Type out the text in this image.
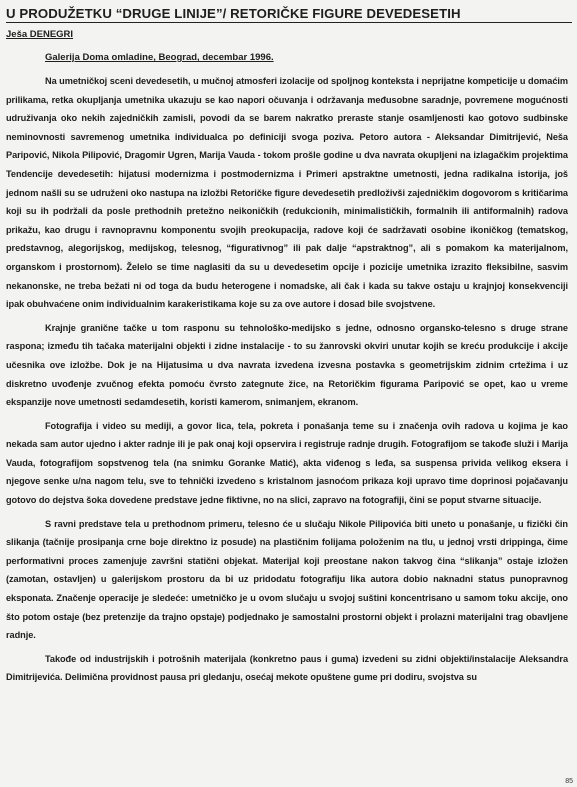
U PRODUŽETKU “DRUGE LINIJE”/ RETORIČKE FIGURE DEVEDESETIH
Ješa DENEGRI
Galerija Doma omladine, Beograd, decembar 1996.

Na umetničkoj sceni devedesetih, u mučnoj atmosferi izolacije od spoljnog konteksta i neprijatne kompeticije u domaćim prilikama, retka okupljanja umetnika ukazuju se kao napori očuvanja i održavanja međusobne saradnje, povremene mogućnosti udruživanja oko nekih zajedničkih zamisli, povodi da se barem nakratko preraste stanje osamljenosti kao gotovo sudbinske neminovnosti savremenog umetnika individualca po definiciji svoga poziva. Petoro autora - Aleksandar Dimitrijević, Neša Paripović, Nikola Pilipović, Dragomir Ugren, Marija Vauda - tokom prošle godine u dva navrata okupljeni na izlagačkim projektima Tendencije devedesetih: hijatusi modernizma i postmodernizma i Primeri apstraktne umetnosti, jedna radikalna istorija, još jednom našli su se udruženi oko nastupa na izložbi Retoričke figure devedesetih predloživši zajedničkim dogovorom s kritičarima koji su ih podržali da posle prethodnih pretežno neikoničkih (redukcionih, minimalističkih, formalnih ili antiformalnih) radova prikažu, kao drugu i ravnopravnu komponentu svojih preokupacija, radove koji će sadržavati osobine ikoničkog (tematskog, predstavnog, alegorijskog, medijskog, telesnog, “figurativnog” ili pak dalje “apstraktnog”, ali s pomakom ka materijalnom, organskom i prostornom). Želelo se time naglasiti da su u devedesetim opcije i pozicije umetnika izrazito fleksibilne, sasvim nekanonske, ne treba bežati ni od toga da budu heterogene i nomadske, ali čak i kada su takve ostaju u krajnjoj konsekvenciji ipak obuhvaćene onim individualnim karakeristikama koje su za ove autore i dosad bile svojstvene.

Krajnje granične tačke u tom rasponu su tehnološko-medijsko s jedne, odnosno organsko-telesno s druge strane raspona; između tih tačaka materijalni objekti i zidne instalacije - to su žanrovski okviri unutar kojih se kreću produkcije i akcije učesnika ove izložbe. Dok je na Hijatusima u dva navrata izvedena izvesna postavka s geometrijskim zidnim crtežima i uz diskretno uvođenje zvučnog efekta pomoću čvrsto zategnute žice, na Retoričkim figurama Paripović se opet, kao u vreme ekspanzije nove umetnosti sedamdesetih, koristi kamerom, snimanjem, ekranom.

Fotografija i video su mediji, a govor lica, tela, pokreta i ponašanja teme su i značenja ovih radova u kojima je kao nekada sam autor ujedno i akter radnje ili je pak onaj koji opservira i registruje radnje drugih. Fotografijom se takođe služi i Marija Vauda, fotografijom sopstvenog tela (na snimku Goranke Matić), akta viđenog s leđa, sa suspensa privida velikog eksera i njegove senke u/na nagom telu, sve to tehnički izvedeno s kristalnom jasnoćom prikaza koji upravo time doprinosi pojačavanju gotovo do dejstva šoka dovedene predstave jedne fiktivne, no na slici, zapravo na fotografiji, čini se poput stvarne situacije.

S ravni predstave tela u prethodnom primeru, telesno će u slučaju Nikole Pilipovića biti uneto u ponašanje, u fizički čin slikanja (tačnije prosipanja crne boje direktno iz posude) na plastičnim folijama položenim na tlu, u jednoj vrsti drippinga, čime performativni proces zamenjuje završni statični objekat. Materijal koji preostane nakon takvog čina “slikanja” ostaje izložen (zamotan, ostavljen) u galerijskom prostoru da bi uz pridodatu fotografiju lika autora dobio naknadni status punopravnog eksponata. Značenje operacije je sledeće: umetničko je u ovom slučaju u svojoj suštini koncentrisano u samom toku akcije, ono što potom ostaje (bez pretenzije da trajno opstaje) podjednako je samostalni prostorni objekt i prolazni materijalni trag obavljene radnje.

Takođe od industrijskih i potrošnih materijala (konkretno paus i guma) izvedeni su zidni objekti/instalacije Aleksandra Dimitrijevića. Delimična providnost pausa pri gledanju, osećaj mekote opuštene gume pri dodiru, svojstva su

85
